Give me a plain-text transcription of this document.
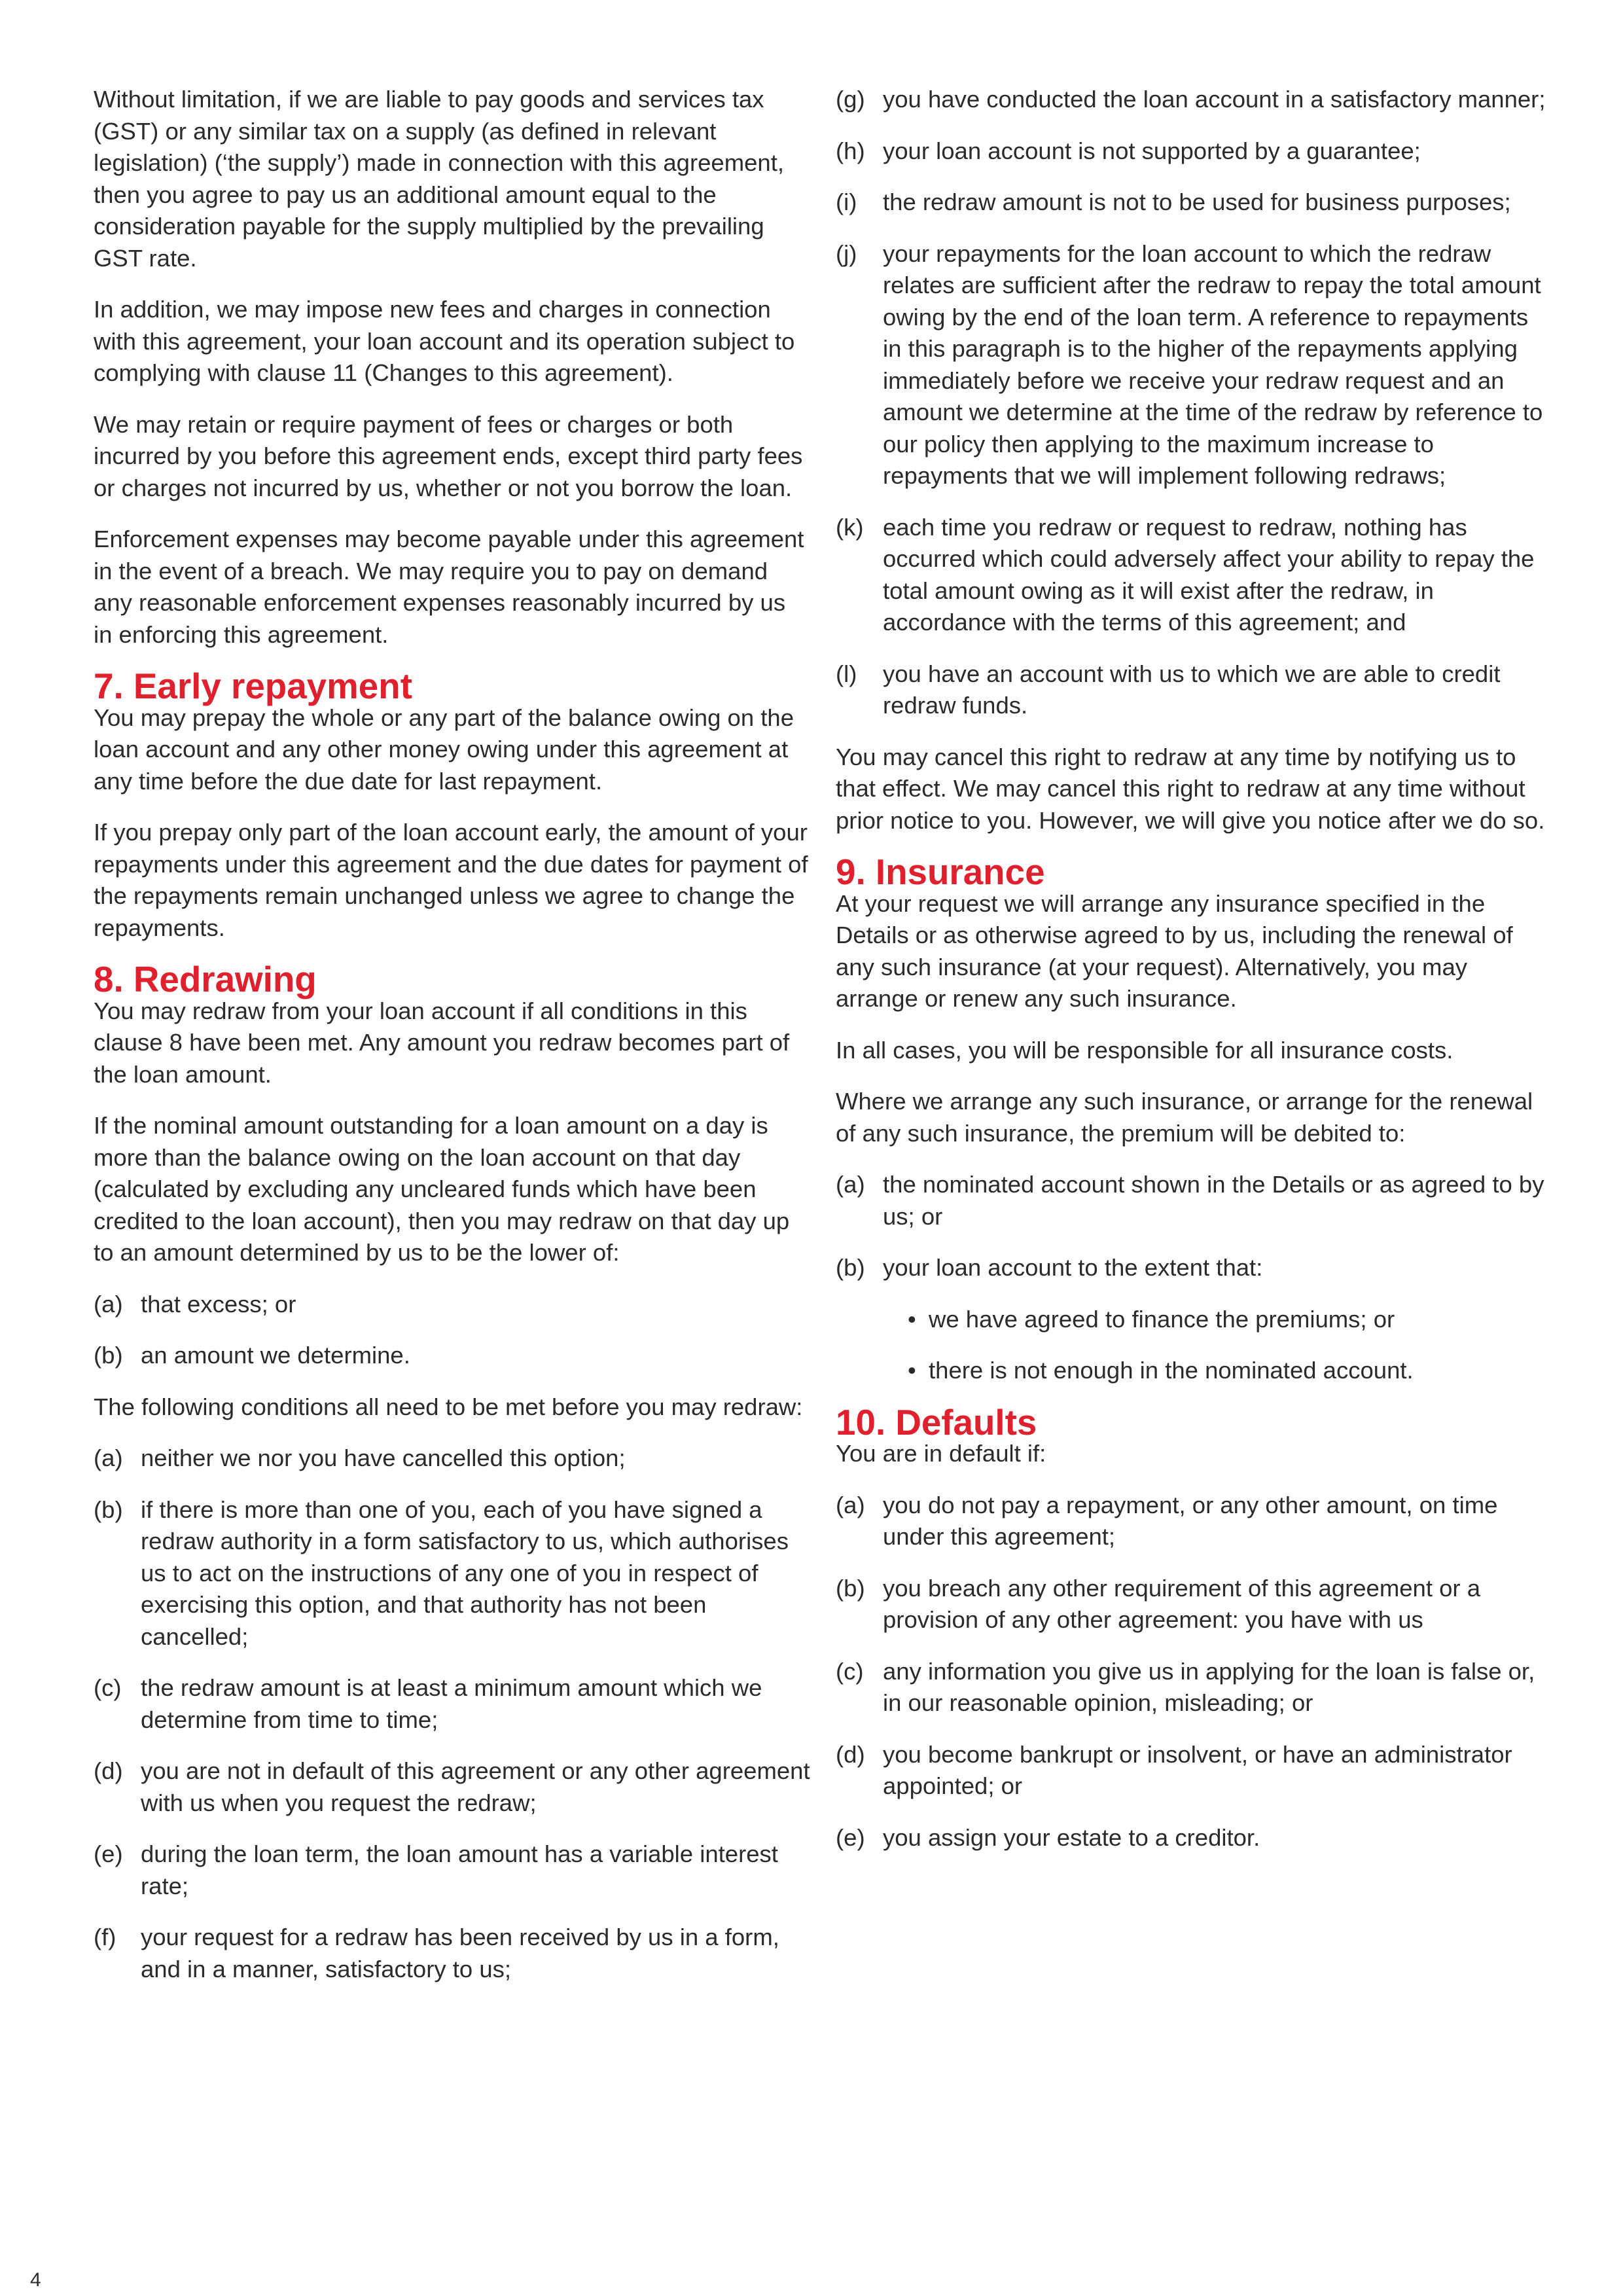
Without limitation, if we are liable to pay goods and services tax (GST) or any similar tax on a supply (as defined in relevant legislation) (‘the supply’) made in connection with this agreement, then you agree to pay us an additional amount equal to the consideration payable for the supply multiplied by the prevailing GST rate.

In addition, we may impose new fees and charges in connection with this agreement, your loan account and its operation subject to complying with clause 11 (Changes to this agreement).

We may retain or require payment of fees or charges or both incurred by you before this agreement ends, except third party fees or charges not incurred by us, whether or not you borrow the loan.

Enforcement expenses may become payable under this agreement in the event of a breach. We may require you to pay on demand any reasonable enforcement expenses reasonably incurred by us in enforcing this agreement.

7. Early repayment

You may prepay the whole or any part of the balance owing on the loan account and any other money owing under this agreement at any time before the due date for last repayment.

If you prepay only part of the loan account early, the amount of your repayments under this agreement and the due dates for payment of the repayments remain unchanged unless we agree to change the repayments.

8. Redrawing

You may redraw from your loan account if all conditions in this clause 8 have been met. Any amount you redraw becomes part of the loan amount.

If the nominal amount outstanding for a loan amount on a day is more than the balance owing on the loan account on that day (calculated by excluding any uncleared funds which have been credited to the loan account), then you may redraw on that day up to an amount determined by us to be the lower of:

(a) that excess; or
(b) an amount we determine.

The following conditions all need to be met before you may redraw:

(a) neither we nor you have cancelled this option;
(b) if there is more than one of you, each of you have signed a redraw authority in a form satisfactory to us, which authorises us to act on the instructions of any one of you in respect of exercising this option, and that authority has not been cancelled;
(c) the redraw amount is at least a minimum amount which we determine from time to time;
(d) you are not in default of this agreement or any other agreement with us when you request the redraw;
(e) during the loan term, the loan amount has a variable interest rate;
(f) your request for a redraw has been received by us in a form, and in a manner, satisfactory to us;
(g) you have conducted the loan account in a satisfactory manner;
(h) your loan account is not supported by a guarantee;
(i) the redraw amount is not to be used for business purposes;
(j) your repayments for the loan account to which the redraw relates are sufficient after the redraw to repay the total amount owing by the end of the loan term. A reference to repayments in this paragraph is to the higher of the repayments applying immediately before we receive your redraw request and an amount we determine at the time of the redraw by reference to our policy then applying to the maximum increase to repayments that we will implement following redraws;
(k) each time you redraw or request to redraw, nothing has occurred which could adversely affect your ability to repay the total amount owing as it will exist after the redraw, in accordance with the terms of this agreement; and
(l) you have an account with us to which we are able to credit redraw funds.

You may cancel this right to redraw at any time by notifying us to that effect. We may cancel this right to redraw at any time without prior notice to you. However, we will give you notice after we do so.

9. Insurance

At your request we will arrange any insurance specified in the Details or as otherwise agreed to by us, including the renewal of any such insurance (at your request). Alternatively, you may arrange or renew any such insurance.

In all cases, you will be responsible for all insurance costs.

Where we arrange any such insurance, or arrange for the renewal of any such insurance, the premium will be debited to:

(a) the nominated account shown in the Details or as agreed to by us; or
(b) your loan account to the extent that:
• we have agreed to finance the premiums; or
• there is not enough in the nominated account.
10. Defaults

You are in default if:

(a) you do not pay a repayment, or any other amount, on time under this agreement;
(b) you breach any other requirement of this agreement or a provision of any other agreement: you have with us
(c) any information you give us in applying for the loan is false or, in our reasonable opinion, misleading; or
(d) you become bankrupt or insolvent, or have an administrator appointed; or
(e) you assign your estate to a creditor.
4
